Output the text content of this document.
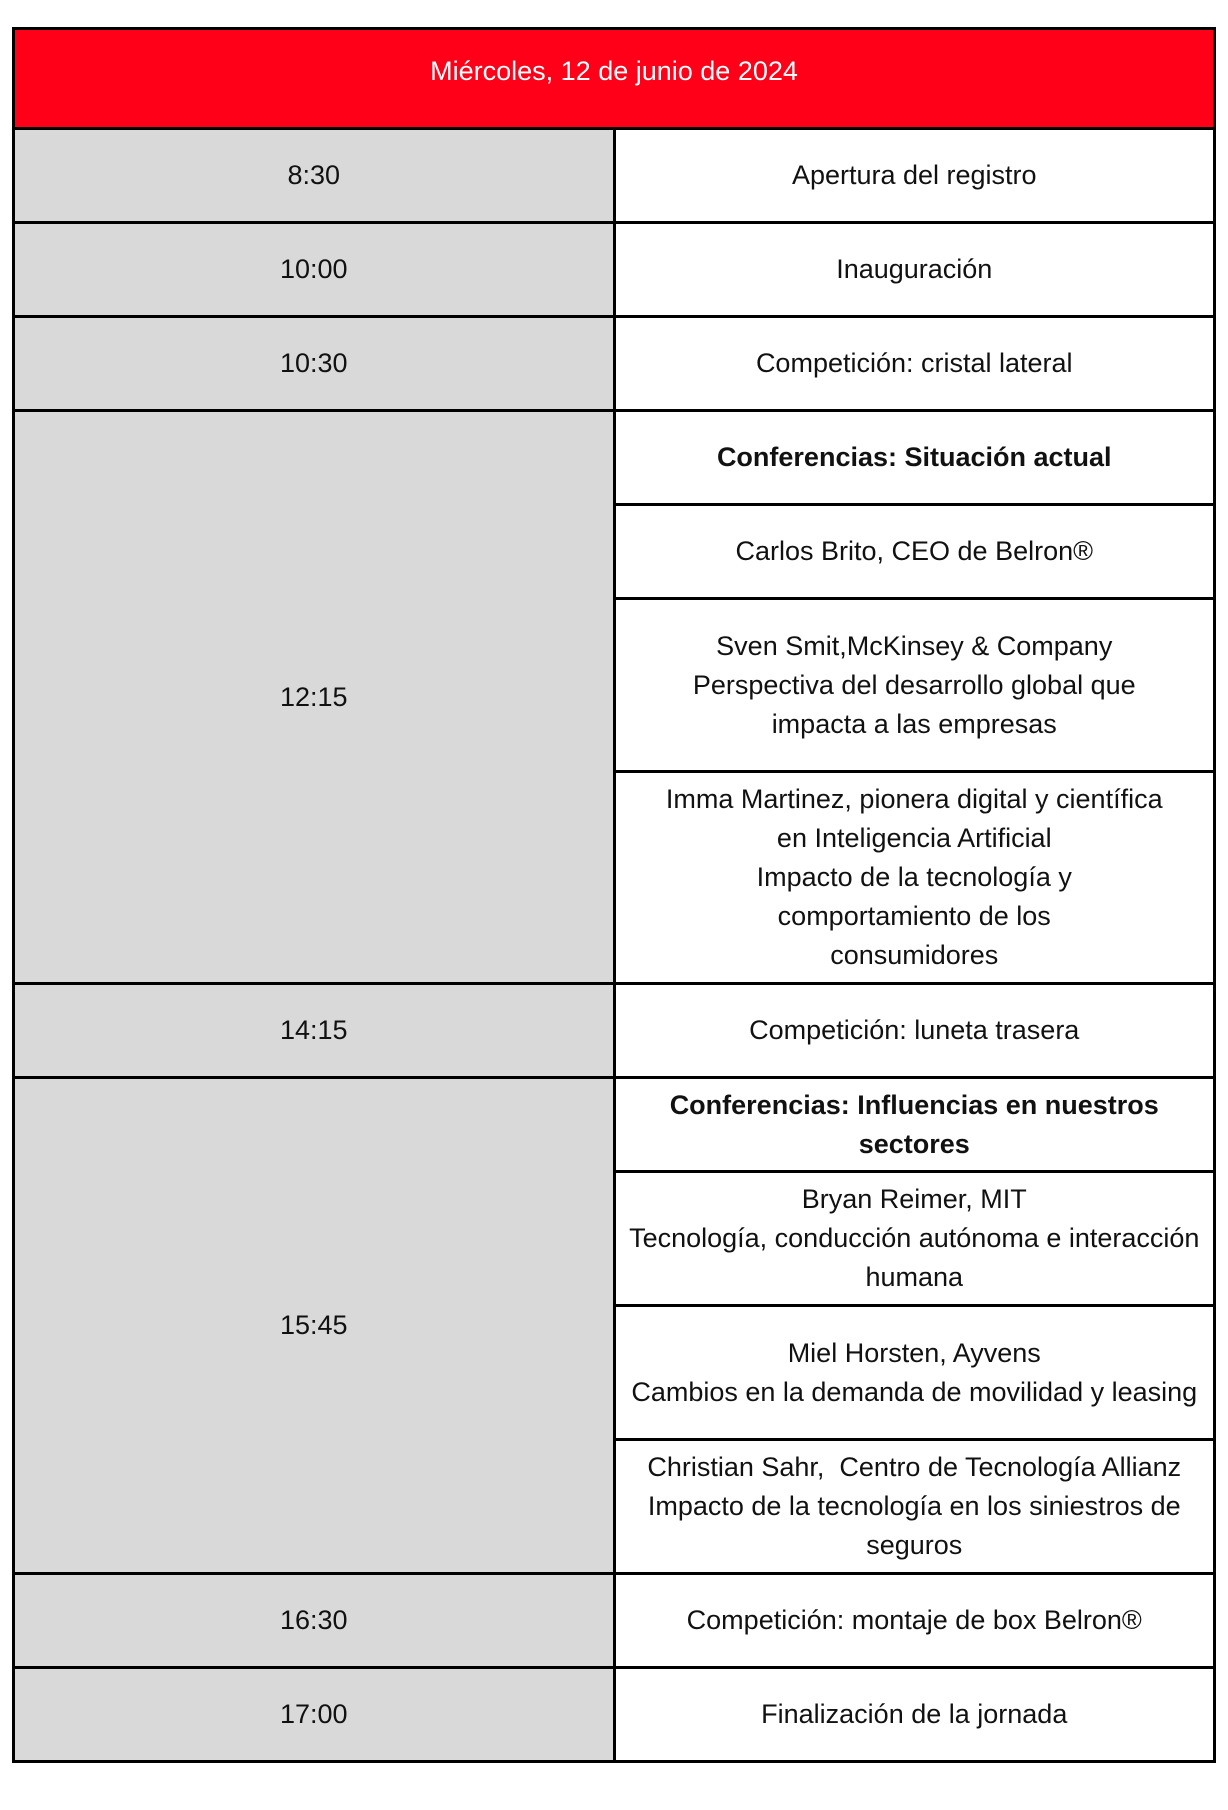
Miércoles, 12 de junio de 2024	
8:30	Apertura del registro
10:00	Inauguración
10:30	Competición: cristal lateral
12:15	Conferencias: Situación actual

	Carlos Brito, CEO de Belron®

	Sven Smit,McKinsey & Company
Perspectiva del desarrollo global que impacta a las empresas

	Imma Martinez, pionera digital y científica en Inteligencia Artificial
Impacto de la tecnología y comportamiento de los consumidores

14:15	Competición: luneta trasera
15:45	Conferencias: Influencias en nuestros sectores

	Bryan Reimer, MIT
Tecnología, conducción autónoma e interacción humana

	Miel Horsten, Ayvens
Cambios en la demanda de movilidad y leasing

	Christian Sahr,  Centro de Tecnología Allianz
Impacto de la tecnología en los siniestros de seguros

16:30	Competición: montaje de box Belron®
17:00	Finalización de la jornada
